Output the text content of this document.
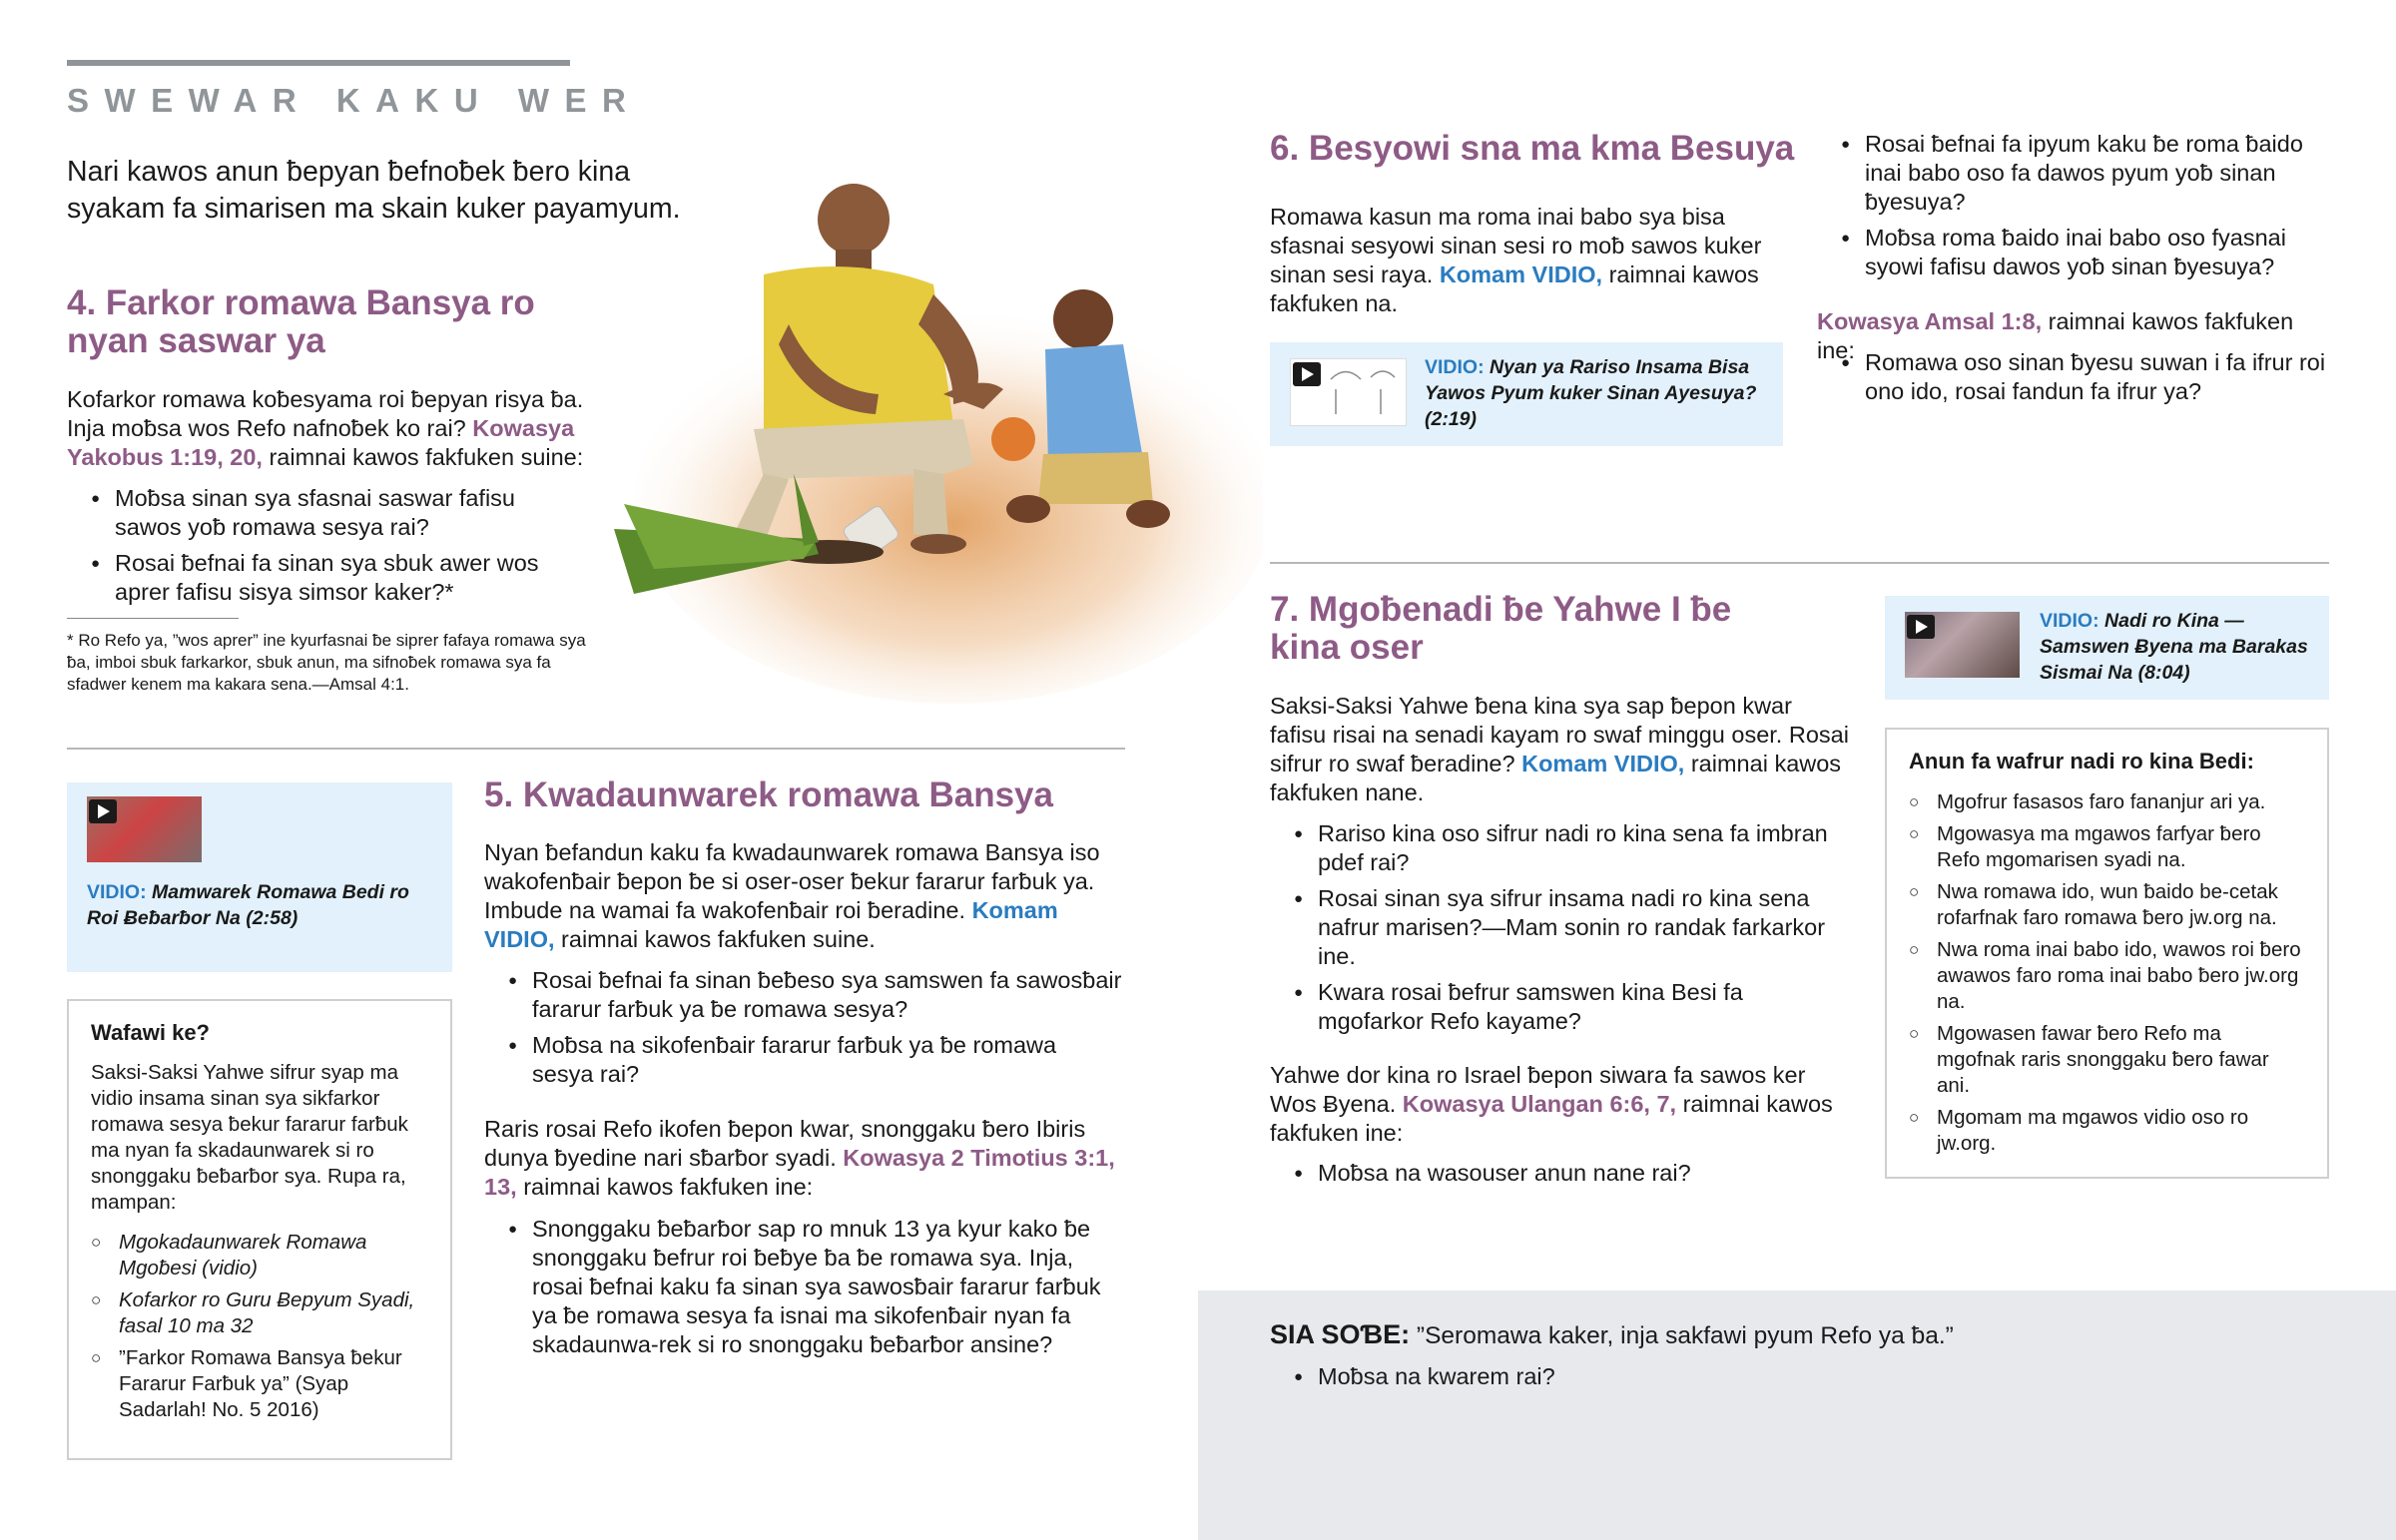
SWEWAR KAKU WER
Nari kawos anun ƀepyan ƀefnoƀek ƀero kina syakam fa simarisen ma skain kuker payamyum.
4. Farkor romawa Bansya ro nyan saswar ya
Kofarkor romawa koƀesyama roi ƀepyan risya ƀa. Inja moƀsa wos Refo nafnoƀek ko rai? Kowasya Yakobus 1:19, 20, raimnai kawos fakfuken suine:
● Moƀsa sinan sya sfasnai saswar fafisu sawos yoƀ romawa sesya rai?
● Rosai ƀefnai fa sinan sya sbuk awer wos aprer fafisu sisya simsor kaker?*
* Ro Refo ya, ”wos aprer” ine kyurfasnai ƀe siprer fafaya romawa sya ƀa, imboi sbuk farkarkor, sbuk anun, ma sifnoƀek romawa sya fa sfadwer kenem ma kakara sena.—Amsal 4:1.
VIDIO: Mamwarek Romawa Bedi ro Roi Ƀeƀarƀor Na (2:58)
Wafawi ke?
Saksi-Saksi Yahwe sifrur syap ma vidio insama sinan sya sikfarkor romawa sesya ƀekur fararur farƀuk ma nyan fa skadaunwarek si ro snonggaku ƀeƀarƀor sya. Rupa ra, mampan:
○ Mgokadaunwarek Romawa Mgoƀesi (vidio)
○ Kofarkor ro Guru Ƀepyum Syadi, fasal 10 ma 32
○ ”Farkor Romawa Bansya ƀekur Fararur Farƀuk ya” (Syap Sadarlah! No. 5 2016)
5. Kwadaunwarek romawa Bansya
Nyan ƀefandun kaku fa kwadaunwarek romawa Bansya iso wakofenƀair ƀepon ƀe si oser-oser ƀekur fararur farƀuk ya. Imbude na wamai fa wakofenƀair roi ƀeradine. Komam VIDIO, raimnai kawos fakfuken suine.
● Rosai ƀefnai fa sinan ƀeƀeso sya samswen fa sawosƀair fararur farƀuk ya ƀe romawa sesya?
● Moƀsa na sikofenƀair fararur farƀuk ya ƀe romawa sesya rai?
Raris rosai Refo ikofen ƀepon kwar, snonggaku ƀero Ibiris dunya ƀyedine nari sƀarƀor syadi. Kowasya 2 Timotius 3:1, 13, raimnai kawos fakfuken ine:
● Snonggaku ƀeƀarƀor sap ro mnuk 13 ya kyur kako ƀe snonggaku ƀefrur roi ƀeƀye ƀa ƀe romawa sya. Inja, rosai ƀefnai kaku fa sinan sya sawosƀair fararur farƀuk ya ƀe romawa sesya fa isnai ma sikofenƀair nyan fa skadaunwa-rek si ro snonggaku ƀeƀarƀor ansine?
6. Besyowi sna ma kma Besuya
Romawa kasun ma roma inai babo sya bisa sfasnai sesyowi sinan sesi ro moƀ sawos kuker sinan sesi raya. Komam VIDIO, raimnai kawos fakfuken na.
VIDIO: Nyan ya Rariso Insama Bisa Yawos Pyum kuker Sinan Ayesuya? (2:19)
● Rosai ƀefnai fa ipyum kaku ƀe roma ƀaido inai babo oso fa dawos pyum yoƀ sinan ƀyesuya?
● Moƀsa roma ƀaido inai babo oso fyasnai syowi fafisu dawos yoƀ sinan ƀyesuya?
Kowasya Amsal 1:8, raimnai kawos fakfuken ine:
● Romawa oso sinan ƀyesu suwan i fa ifrur roi ono ido, rosai fandun fa ifrur ya?
7. Mgoƀenadi ƀe Yahwe I ƀe kina oser
Saksi-Saksi Yahwe ƀena kina sya sap ƀepon kwar fafisu risai na senadi kayam ro swaf minggu oser. Rosai sifrur ro swaf ƀeradine? Komam VIDIO, raimnai kawos fakfuken nane.
● Rariso kina oso sifrur nadi ro kina sena fa imbran pdef rai?
● Rosai sinan sya sifrur insama nadi ro kina sena nafrur marisen?—Mam sonin ro randak farkarkor ine.
● Kwara rosai ƀefrur samswen kina Besi fa mgofarkor Refo kayame?
Yahwe dor kina ro Israel ƀepon siwara fa sawos ker Wos Ƀyena. Kowasya Ulangan 6:6, 7, raimnai kawos fakfuken ine:
● Moƀsa na wasouser anun nane rai?
VIDIO: Nadi ro Kina —Samswen Ƀyena ma Barakas Sismai Na (8:04)
Anun fa wafrur nadi ro kina Bedi:
○ Mgofrur fasasos faro fananjur ari ya.
○ Mgowasya ma mgawos farfyar ƀero Refo mgomarisen syadi na.
○ Nwa romawa ido, wun ƀaido be-cetak rofarfnak faro romawa ƀero jw.org na.
○ Nwa roma inai babo ido, wawos roi ƀero awawos faro roma inai babo ƀero jw.org na.
○ Mgowasen fawar ƀero Refo ma mgofnak raris snonggaku ƀero fawar ani.
○ Mgomam ma mgawos vidio oso ro jw.org.
SIA SOƁE: ”Seromawa kaker, inja sakfawi pyum Refo ya ƀa.”
● Moƀsa na kwarem rai?
